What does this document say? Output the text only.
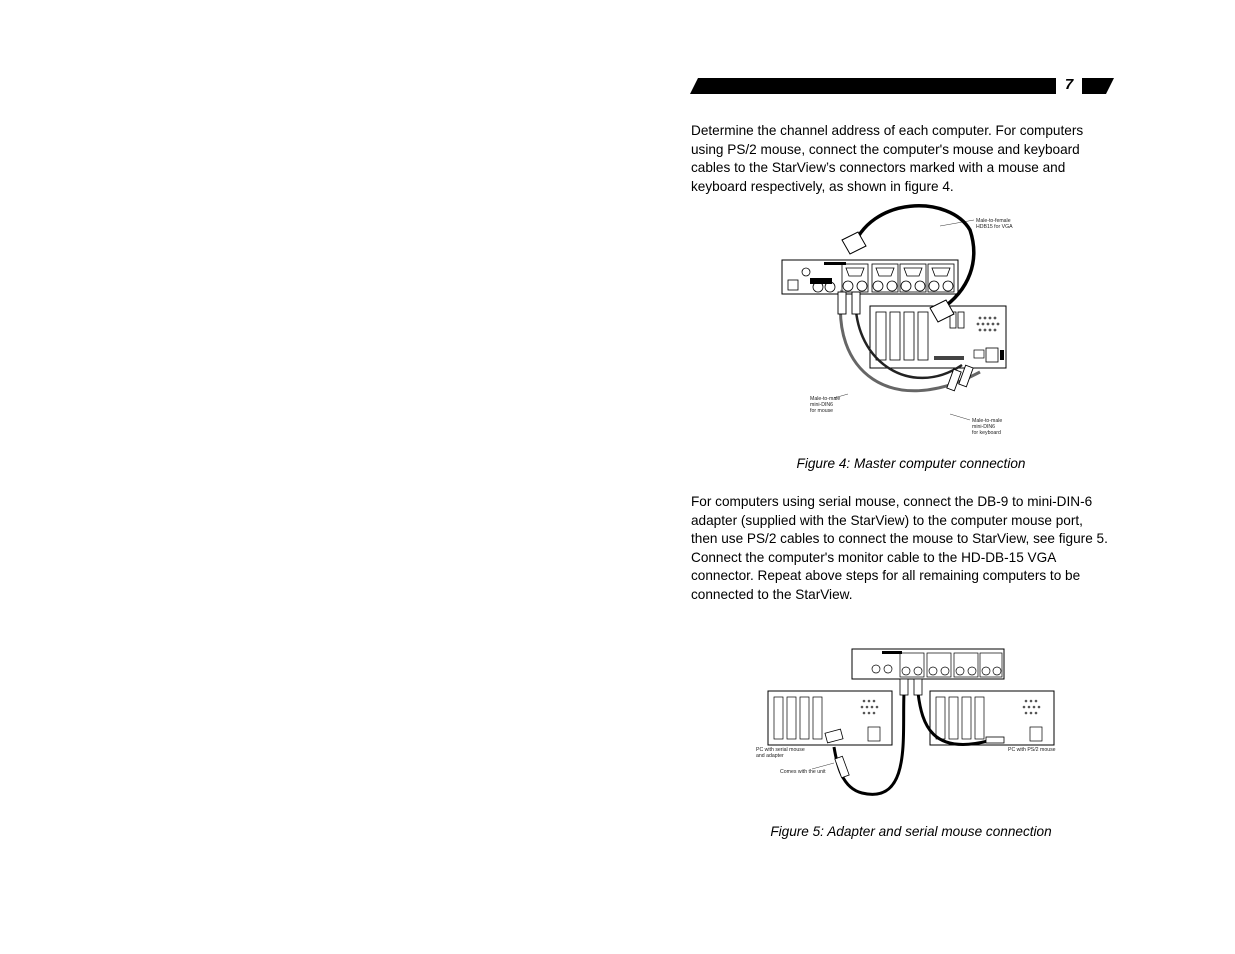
7

Determine the channel address of each computer. For computers
using PS/2 mouse, connect the computer's mouse and keyboard
cables to the StarView’s connectors marked with a mouse and
keyboard respectively, as shown in figure 4.

Male-to-female
HDB15 for VGA
Male-to-male
mini-DIN6
for mouse
Male-to-male
mini-DIN6
for keyboard

Figure 4: Master computer connection

For computers using serial mouse, connect the DB-9 to mini-DIN-6
adapter (supplied with the StarView) to the computer mouse port,
then use PS/2 cables to connect the mouse to StarView, see figure 5.
Connect the computer's monitor cable to the HD-DB-15 VGA
connector. Repeat above steps for all remaining computers to be
connected to the StarView.

PC with serial mouse
and adapter
Comes with the unit
PC with PS/2 mouse

Figure 5: Adapter and serial mouse connection
